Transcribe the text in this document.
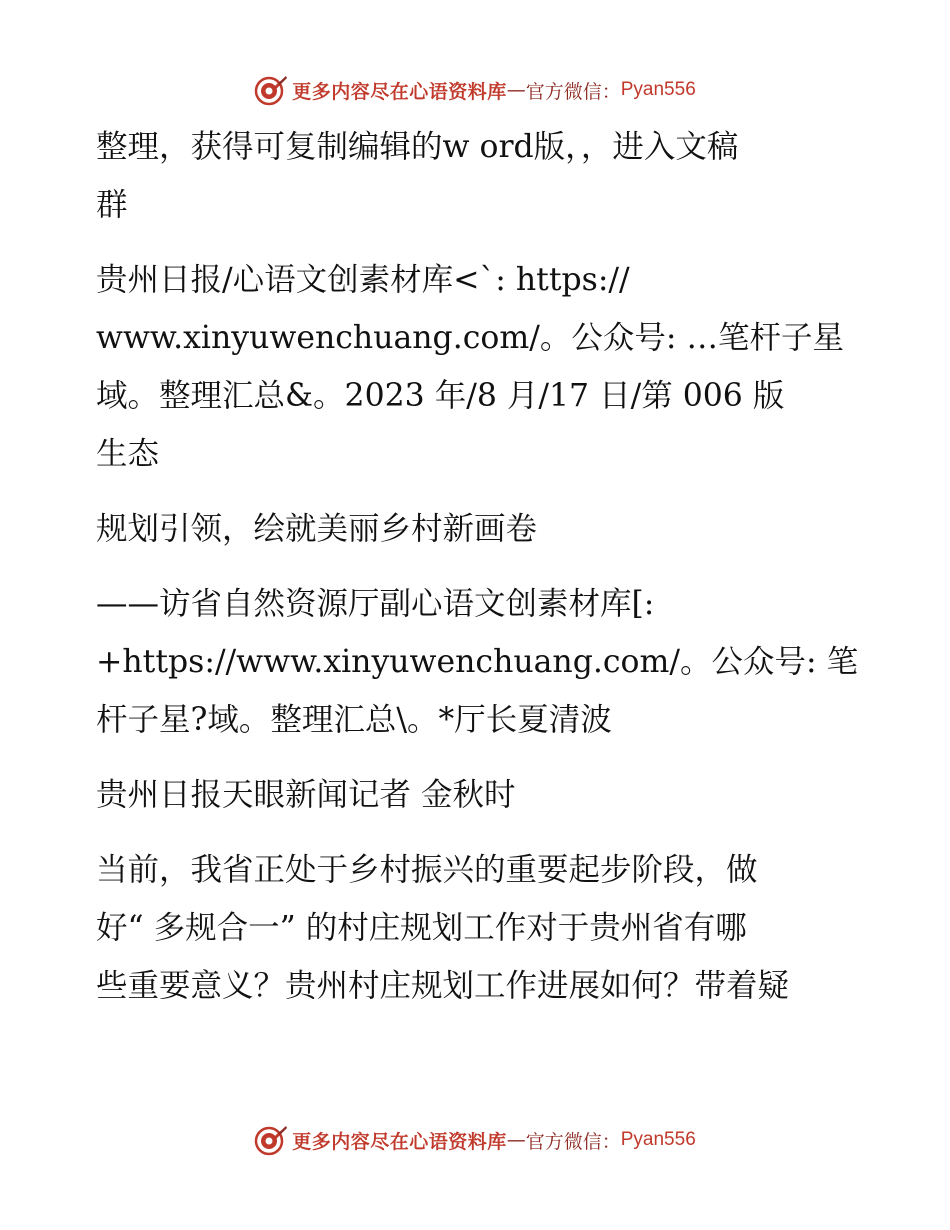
更多内容尽在心语资料库 — 官方微信： Pyan556
整理，获得可复制编辑的w ord版，，进入文稿
群
贵州日报/心语文创素材库<`: https://
www.xinyuwenchuang.com/。公众号: …笔杆子星
域。整理汇总&。2023 年/8 月/17 日/第 006 版
生态
规划引领，绘就美丽乡村新画卷
——访省自然资源厅副心语文创素材库[:
+https://www.xinyuwenchuang.com/。公众号: 笔
杆子星?域。整理汇总\。*厅长夏清波
贵州日报天眼新闻记者 金秋时
当前，我省正处于乡村振兴的重要起步阶段，做
好“ 多规合一” 的村庄规划工作对于贵州省有哪
些重要意义？贵州村庄规划工作进展如何？带着疑
更多内容尽在心语资料库 — 官方微信： Pyan556
